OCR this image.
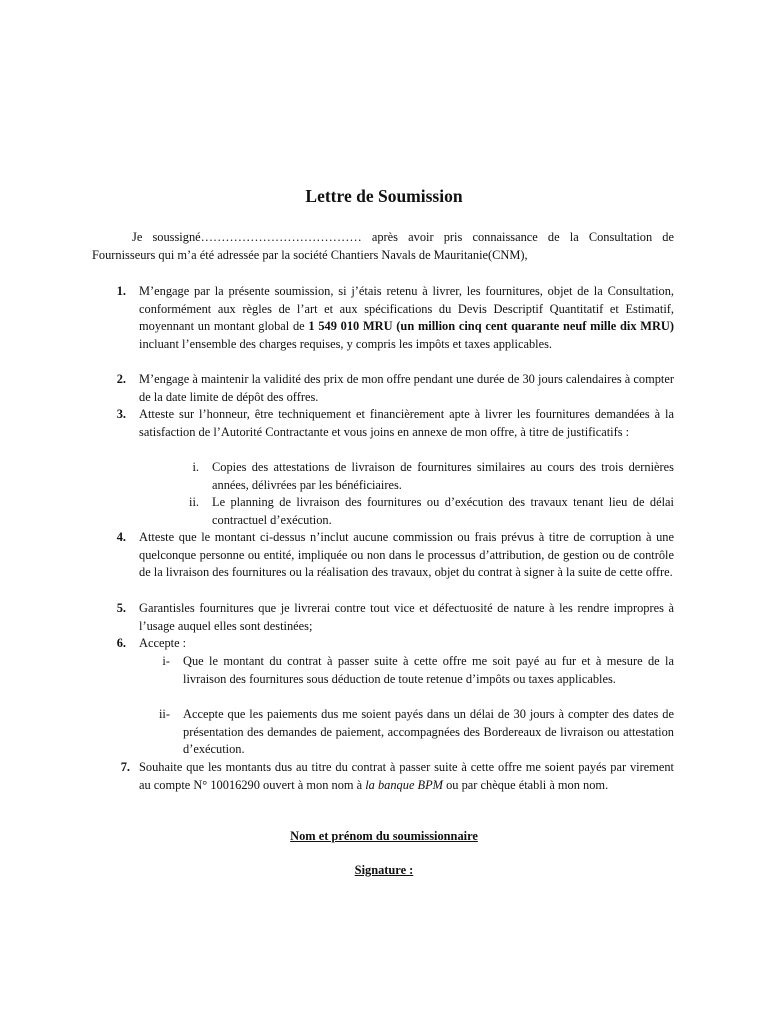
Lettre de Soumission
Je soussigné………………………………… après avoir pris connaissance de la Consultation de Fournisseurs qui m’a été adressée par la société Chantiers Navals de Mauritanie(CNM),
1. M’engage par la présente soumission, si j’étais retenu à livrer, les fournitures, objet de la Consultation, conformément aux règles de l’art et aux spécifications du Devis Descriptif Quantitatif et Estimatif, moyennant un montant global de 1 549 010 MRU (un million cinq cent quarante neuf mille dix MRU) incluant l’ensemble des charges requises, y compris les impôts et taxes applicables.
2. M’engage à maintenir la validité des prix de mon offre pendant une durée de 30 jours calendaires à compter de la date limite de dépôt des offres.
3. Atteste sur l’honneur, être techniquement et financièrement apte à livrer les fournitures demandées à la satisfaction de l’Autorité Contractante et vous joins en annexe de mon offre, à titre de justificatifs :
i. Copies des attestations de livraison de fournitures similaires au cours des trois dernières années, délivrées par les bénéficiaires.
ii. Le planning de livraison des fournitures ou d’exécution des travaux tenant lieu de délai contractuel d’exécution.
4. Atteste que le montant ci-dessus n’inclut aucune commission ou frais prévus à titre de corruption à une quelconque personne ou entité, impliquée ou non dans le processus d’attribution, de gestion ou de contrôle de la livraison des fournitures ou la réalisation des travaux, objet du contrat à signer à la suite de cette offre.
5. Garantisles fournitures que je livrerai contre tout vice et défectuosité de nature à les rendre impropres à l’usage auquel elles sont destinées;
6. Accepte :
i- Que le montant du contrat à passer suite à cette offre me soit payé au fur et à mesure de la livraison des fournitures sous déduction de toute retenue d’impôts ou taxes applicables.
ii- Accepte que les paiements dus me soient payés dans un délai de 30 jours à compter des dates de présentation des demandes de paiement, accompagnées des Bordereaux de livraison ou attestation d’exécution.
7. Souhaite que les montants dus au titre du contrat à passer suite à cette offre me soient payés par virement au compte N° 10016290 ouvert à mon nom à la banque BPM ou par chèque établi à mon nom.
Nom et prénom du soumissionnaire
Signature :
